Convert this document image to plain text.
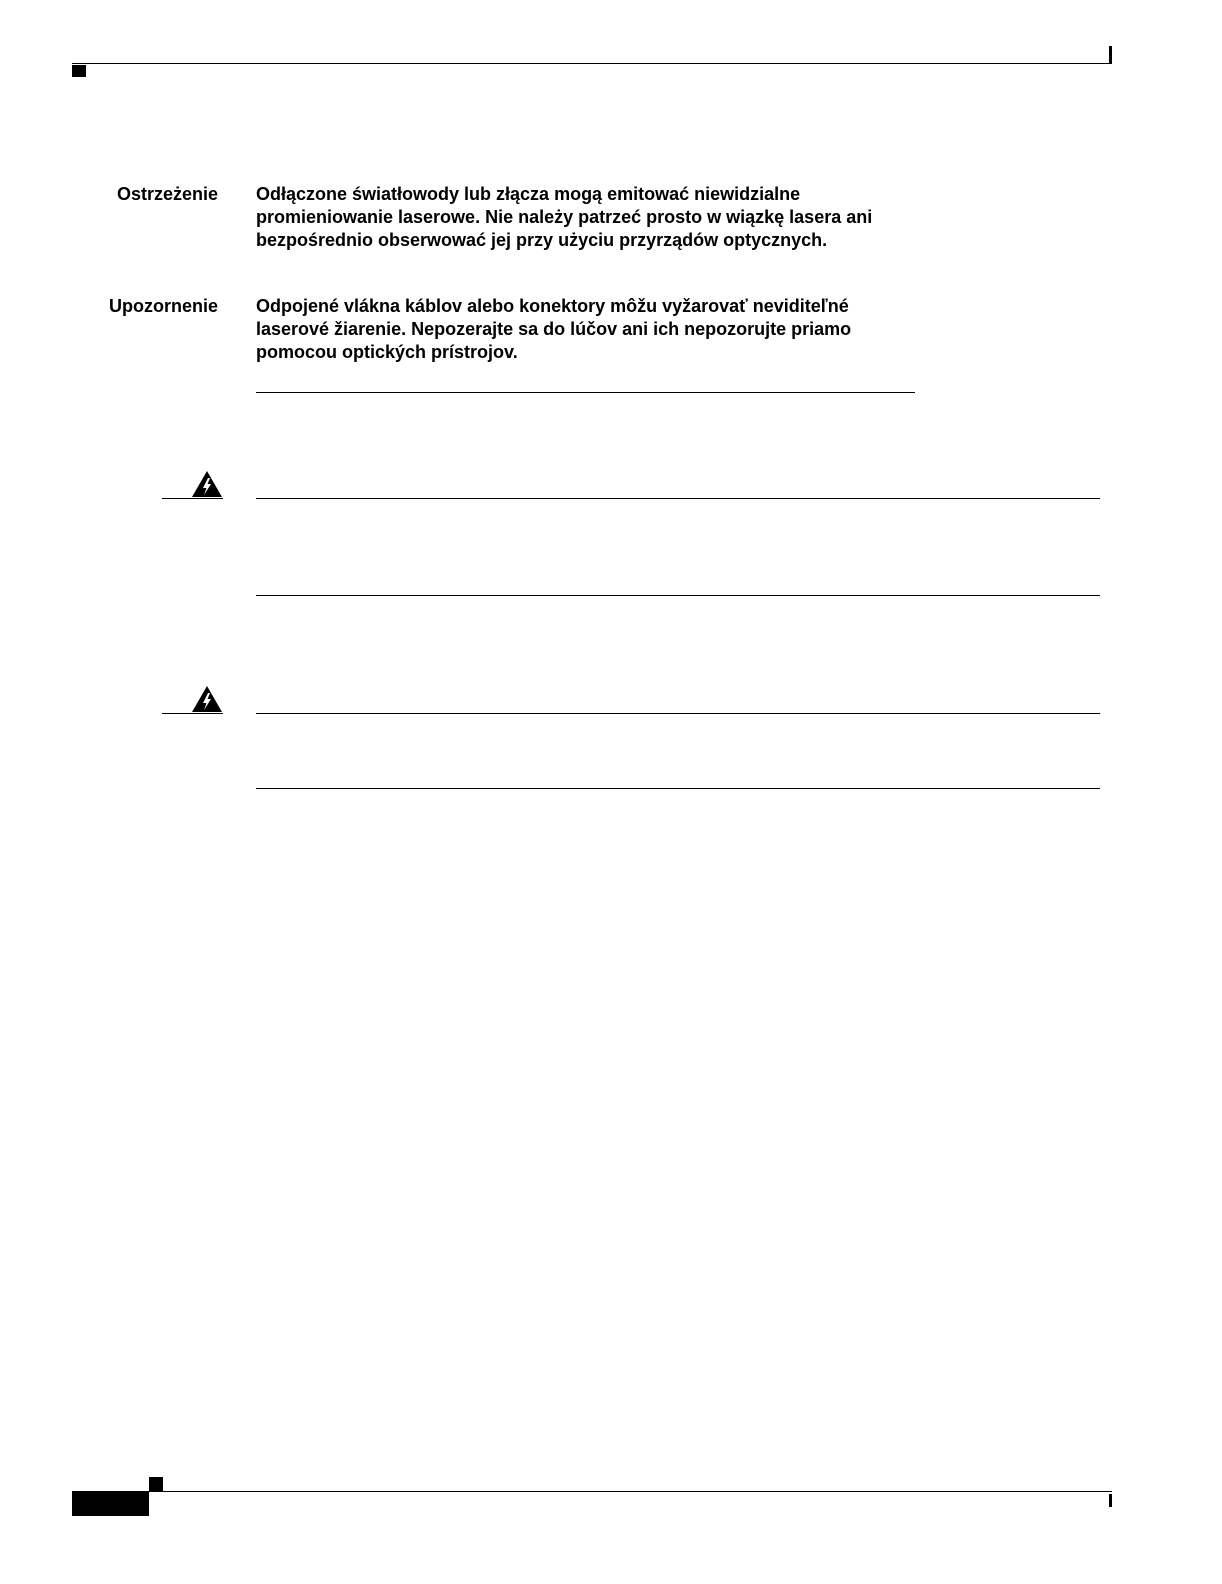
Ostrzeżenie Odłączone światłowody lub złącza mogą emitować niewidzialne
promieniowanie laserowe. Nie należy patrzeć prosto w wiązkę lasera ani
bezpośrednio obserwować jej przy użyciu przyrządów optycznych.
Upozornenie Odpojené vlákna káblov alebo konektory môžu vyžarovať neviditeľné
laserové žiarenie. Nepozerajte sa do lúčov ani ich nepozorujte priamo
pomocou optických prístrojov.
